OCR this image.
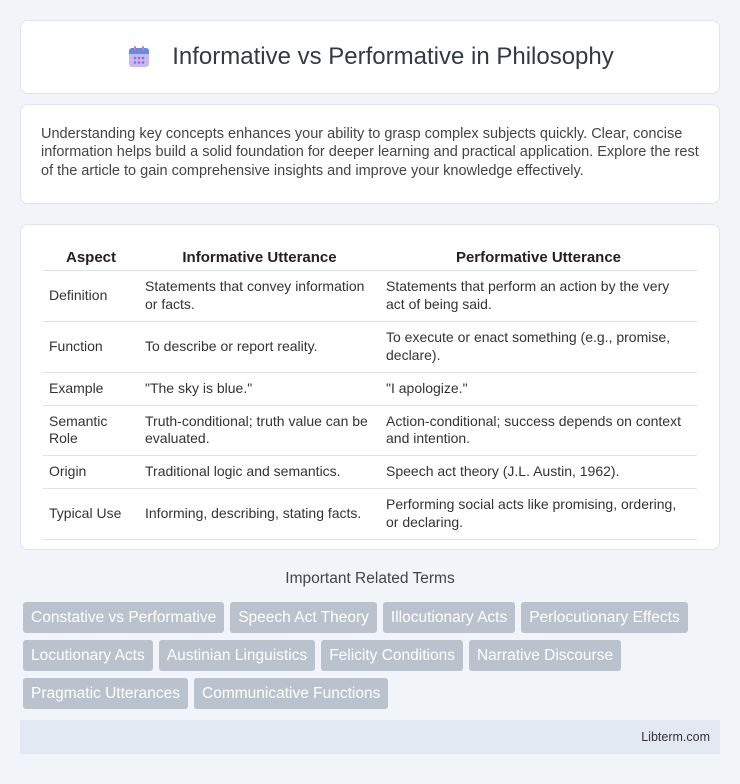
Informative vs Performative in Philosophy

Understanding key concepts enhances your ability to grasp complex subjects quickly. Clear, concise information helps build a solid foundation for deeper learning and practical application. Explore the rest of the article to gain comprehensive insights and improve your knowledge effectively.

Aspect	Informative Utterance	Performative Utterance
Definition	Statements that convey information or facts.	Statements that perform an action by the very act of being said.
Function	To describe or report reality.	To execute or enact something (e.g., promise, declare).
Example	"The sky is blue."	"I apologize."
Semantic Role	Truth-conditional; truth value can be evaluated.	Action-conditional; success depends on context and intention.
Origin	Traditional logic and semantics.	Speech act theory (J.L. Austin, 1962).
Typical Use	Informing, describing, stating facts.	Performing social acts like promising, ordering, or declaring.
Important Related Terms
Constative vs Performative	Speech Act Theory	Illocutionary Acts	Perlocutionary Effects
Locutionary Acts	Austinian Linguistics	Felicity Conditions	Narrative Discourse
Pragmatic Utterances	Communicative Functions
Libterm.com
